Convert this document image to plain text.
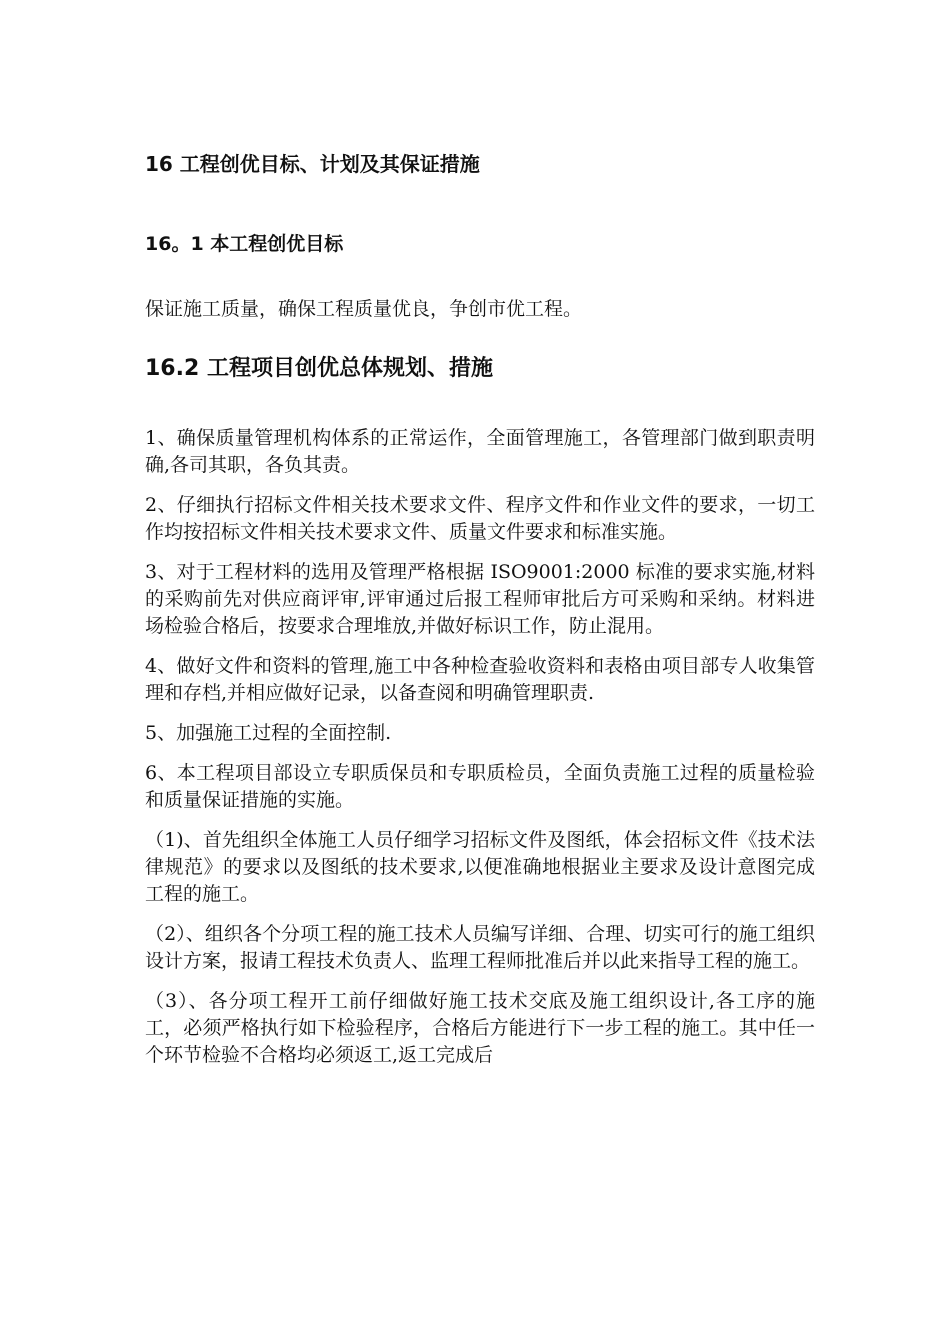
16 工程创优目标、计划及其保证措施
16。1 本工程创优目标
保证施工质量，确保工程质量优良，争创市优工程。
16.2 工程项目创优总体规划、措施
1、确保质量管理机构体系的正常运作，全面管理施工，各管理部门做到职责明确,各司其职，各负其责。
2、仔细执行招标文件相关技术要求文件、程序文件和作业文件的要求，一切工作均按招标文件相关技术要求文件、质量文件要求和标准实施。
3、对于工程材料的选用及管理严格根据 ISO9001:2000 标准的要求实施,材料的采购前先对供应商评审,评审通过后报工程师审批后方可采购和采纳。材料进场检验合格后，按要求合理堆放,并做好标识工作，防止混用。
4、做好文件和资料的管理,施工中各种检查验收资料和表格由项目部专人收集管理和存档,并相应做好记录，以备查阅和明确管理职责.
5、加强施工过程的全面控制.
6、本工程项目部设立专职质保员和专职质检员，全面负责施工过程的质量检验和质量保证措施的实施。
（1)、首先组织全体施工人员仔细学习招标文件及图纸，体会招标文件《技术法律规范》的要求以及图纸的技术要求,以便准确地根据业主要求及设计意图完成工程的施工。
（2）、组织各个分项工程的施工技术人员编写详细、合理、切实可行的施工组织设计方案，报请工程技术负责人、监理工程师批准后并以此来指导工程的施工。
（3）、各分项工程开工前仔细做好施工技术交底及施工组织设计,各工序的施工，必须严格执行如下检验程序，合格后方能进行下一步工程的施工。其中任一个环节检验不合格均必须返工,返工完成后
